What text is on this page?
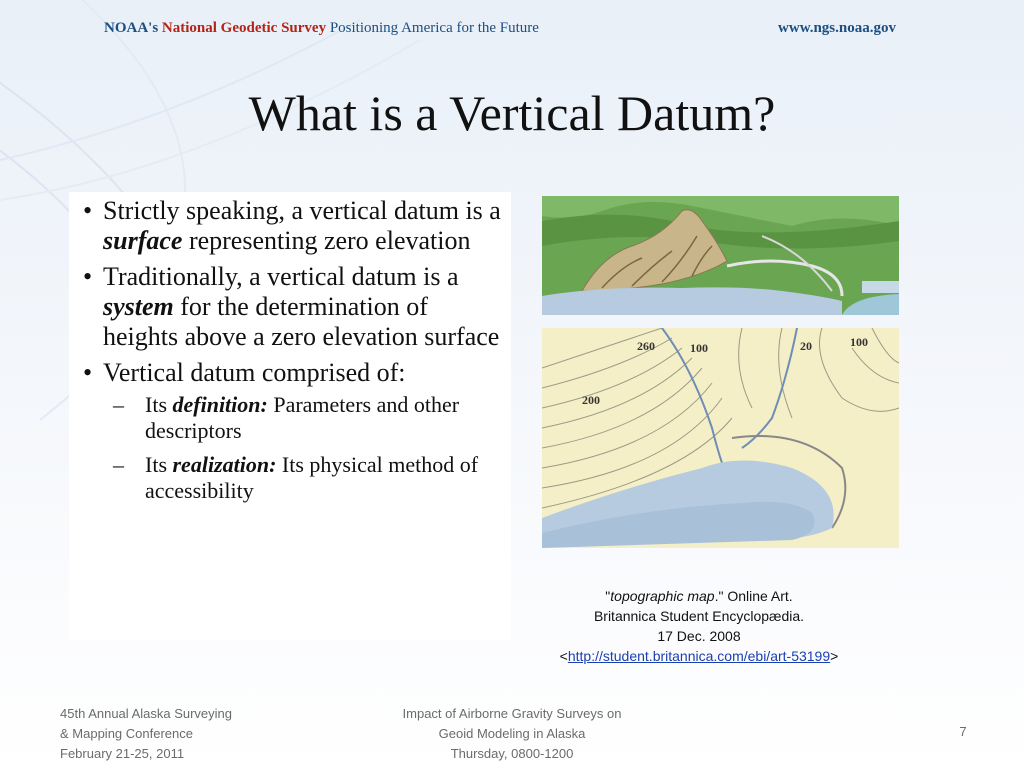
NOAA's National Geodetic Survey Positioning America for the Future	www.ngs.noaa.gov
What is a Vertical Datum?
• Strictly speaking, a vertical datum is a surface representing zero elevation
• Traditionally, a vertical datum is a system for the determination of heights above a zero elevation surface
• Vertical datum comprised of:
– Its definition: Parameters and other descriptors
– Its realization: Its physical method of accessibility
260	100	20	100
200
"topographic map." Online Art.
Britannica Student Encyclopædia.
17 Dec. 2008
<http://student.britannica.com/ebi/art-53199>
45th Annual Alaska Surveying
& Mapping Conference
February 21-25, 2011
Impact of Airborne Gravity Surveys on
Geoid Modeling in Alaska
Thursday, 0800-1200
7
